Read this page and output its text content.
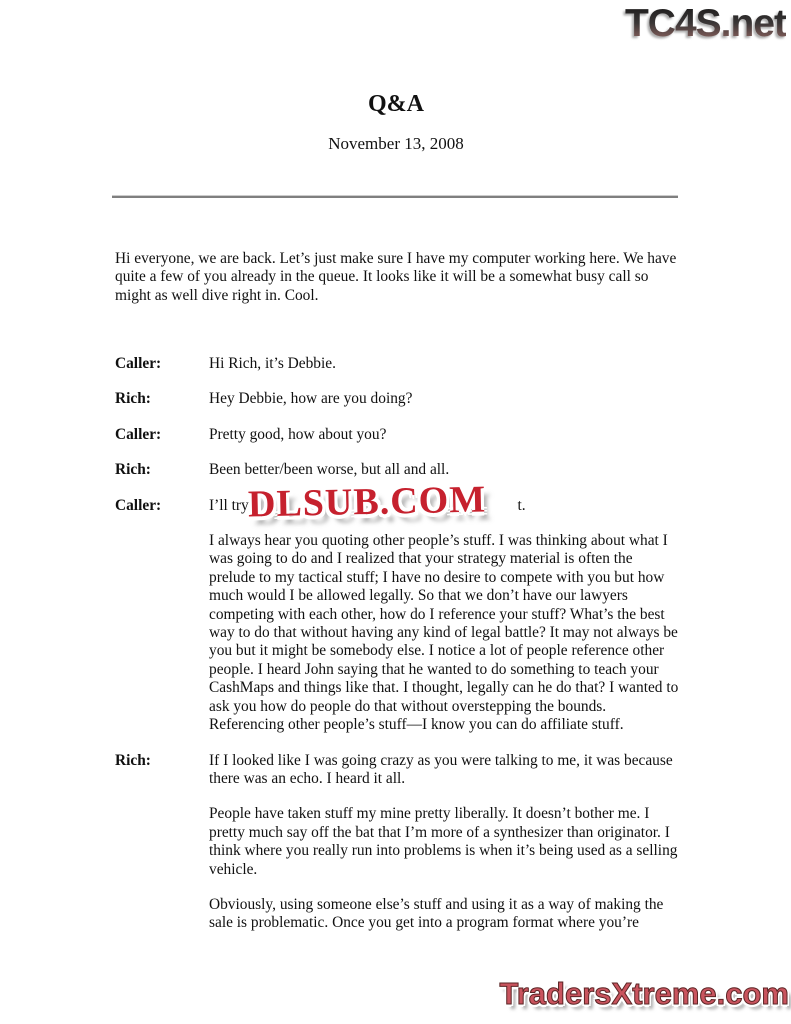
TC4S.net
Q&A
November 13, 2008

Hi everyone, we are back. Let’s just make sure I have my computer working here. We have quite a few of you already in the queue. It looks like it will be a somewhat busy call so might as well dive right in. Cool.

Caller:	Hi Rich, it’s Debbie.

Rich:	Hey Debbie, how are you doing?

Caller:	Pretty good, how about you?

Rich:	Been better/been worse, but all and all.

Caller:	I’ll try a	t.

I always hear you quoting other people’s stuff. I was thinking about what I was going to do and I realized that your strategy material is often the prelude to my tactical stuff; I have no desire to compete with you but how much would I be allowed legally. So that we don’t have our lawyers competing with each other, how do I reference your stuff? What’s the best way to do that without having any kind of legal battle? It may not always be you but it might be somebody else. I notice a lot of people reference other people. I heard John saying that he wanted to do something to teach your CashMaps and things like that. I thought, legally can he do that? I wanted to ask you how do people do that without overstepping the bounds. Referencing other people’s stuff—I know you can do affiliate stuff.

Rich:	If I looked like I was going crazy as you were talking to me, it was because there was an echo. I heard it all.

People have taken stuff my mine pretty liberally. It doesn’t bother me. I pretty much say off the bat that I’m more of a synthesizer than originator. I think where you really run into problems is when it’s being used as a selling vehicle.

Obviously, using someone else’s stuff and using it as a way of making the sale is problematic. Once you get into a program format where you’re

DLSUB.COM
TradersXtreme.com
